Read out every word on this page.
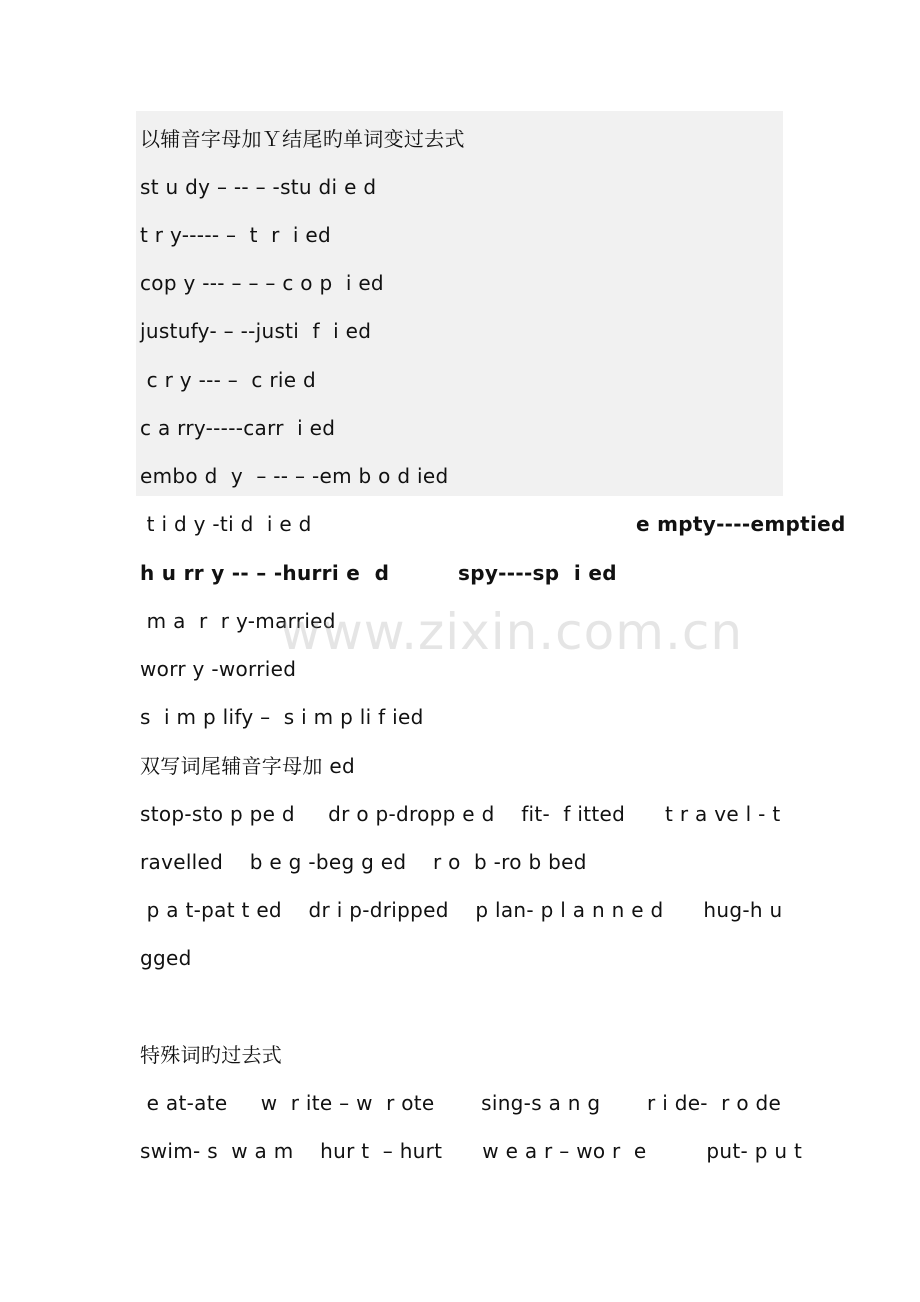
以辅音字母加Ｙ结尾旳单词变过去式
st u dy – -- – -stu di e d
t r y----- –  t  r  i ed
cop y --- – – – c o p  i ed
justufy- – --justi  f  i ed
c r y --- –  c rie d
c a rry-----carr  i ed
embo d  y  – -- – -em b o d ied
t i d y -ti d  i e d	e mpty----emptied
h u rr y -- – -hurri e  d	spy----sp  i ed
m a  r  r y-married
worr y -worried
s  i m p lify –  s i m p li f ied
双写词尾辅音字母加 ed
stop-sto p pe d     dr o p-dropp e d    fit-  f itted      t r a ve l - t
ravelled    b e g -beg g ed    r o  b -ro b bed
p a t-pat t ed    dr i p-dripped    p lan- p l a n n e d      hug-h u
gged
特殊词旳过去式
e at-ate     w  r ite – w  r ote       sing-s a n g       r i de-  r o de
swim- s  w a m    hur t  – hurt      w e a r – wo r  e         put- p u t
www.zixin.com.cn
